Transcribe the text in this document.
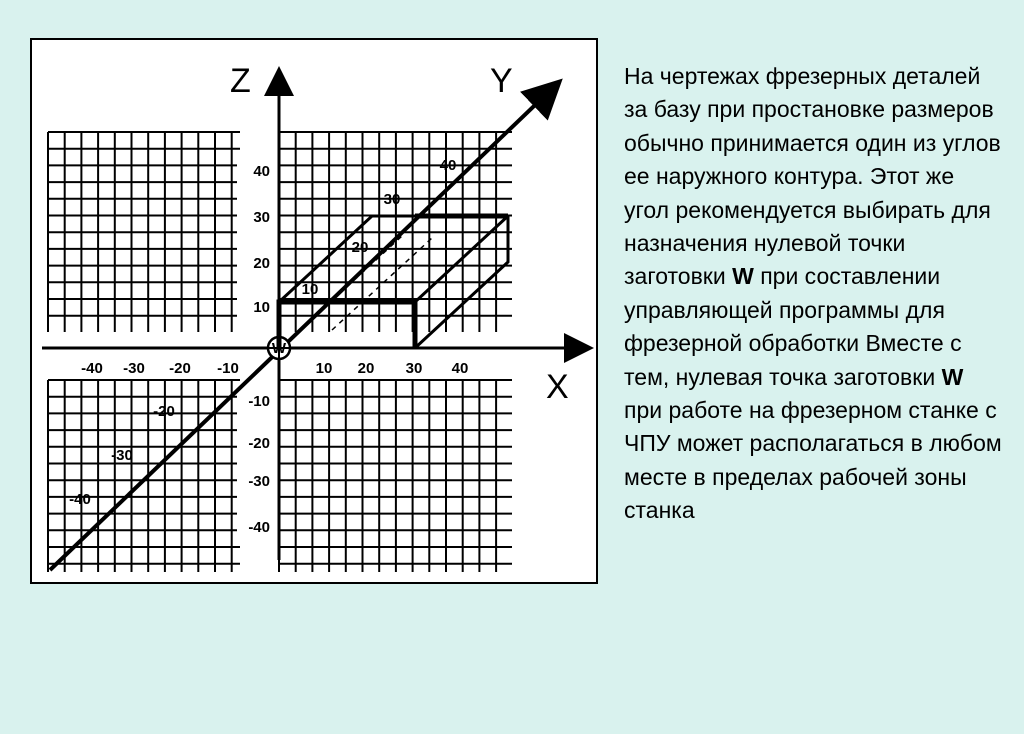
W
Z	Y
X
40
30
20
10
-10
-20
-30
-40
-40 -30 -20 -10	10 20 30 40
10
20
30
40
-20
-30
-40

На чертежах фрезерных деталей за базу при простановке размеров обычно принимается один из углов ее наружного контура. Этот же угол рекомендуется выбирать для назначения нулевой точки заготовки W при составлении управляющей программы для фрезерной обработки Вместе с тем, нулевая точка заготовки W при работе на фрезерном станке с ЧПУ может располагаться в любом месте в пределах рабочей зоны станка
